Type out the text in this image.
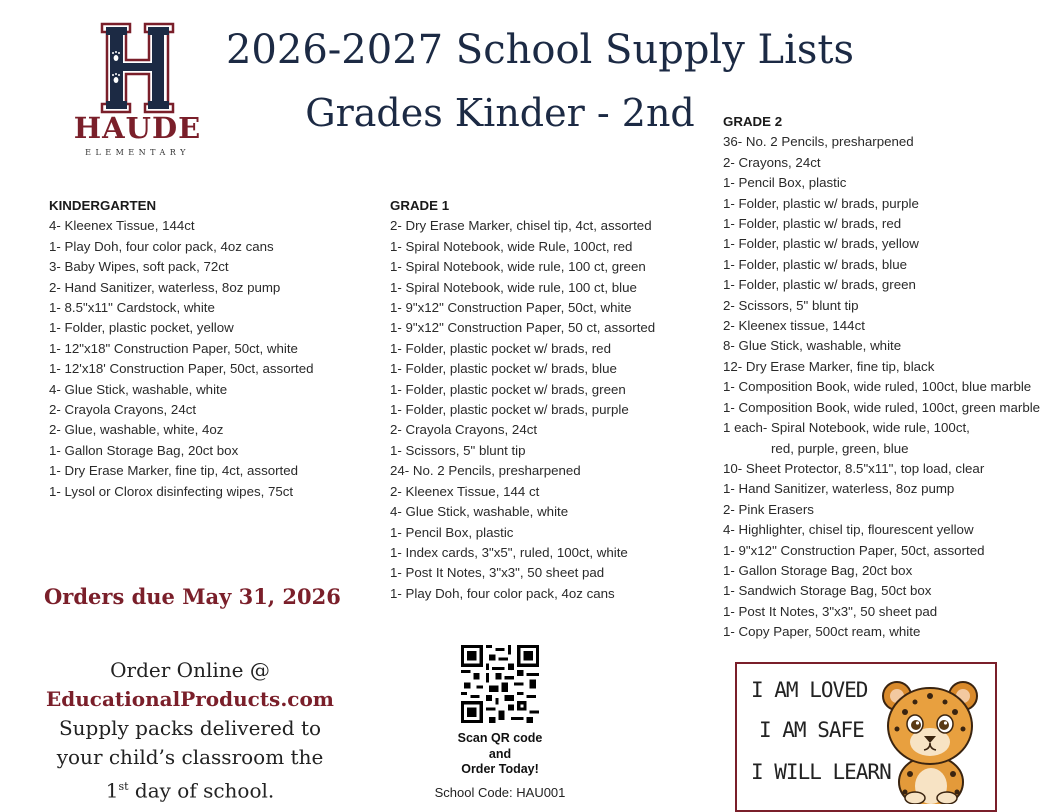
HAUDE
ELEMENTARY
2026-2027 School Supply Lists
Grades Kinder - 2nd
KINDERGARTEN
4- Kleenex Tissue, 144ct
1- Play Doh, four color pack, 4oz cans
3- Baby Wipes, soft pack, 72ct
2- Hand Sanitizer, waterless, 8oz pump
1- 8.5"x11" Cardstock, white
1- Folder, plastic pocket, yellow
1- 12"x18" Construction Paper, 50ct, white
1- 12'x18' Construction Paper, 50ct, assorted
4- Glue Stick, washable, white
2- Crayola Crayons, 24ct
2- Glue, washable, white, 4oz
1- Gallon Storage Bag, 20ct box
1- Dry Erase Marker, fine tip, 4ct, assorted
1- Lysol or Clorox disinfecting wipes, 75ct
GRADE 1
2- Dry Erase Marker, chisel tip, 4ct, assorted
1- Spiral Notebook, wide Rule, 100ct, red
1- Spiral Notebook, wide rule, 100 ct, green
1- Spiral Notebook, wide rule, 100 ct, blue
1- 9"x12" Construction Paper, 50ct, white
1- 9"x12" Construction Paper, 50 ct, assorted
1- Folder, plastic pocket w/ brads, red
1- Folder, plastic pocket w/ brads, blue
1- Folder, plastic pocket w/ brads, green
1- Folder, plastic pocket w/ brads, purple
2- Crayola Crayons, 24ct
1- Scissors, 5" blunt tip
24- No. 2 Pencils, presharpened
2- Kleenex Tissue, 144 ct
4- Glue Stick, washable, white
1- Pencil Box, plastic
1- Index cards, 3"x5", ruled, 100ct, white
1- Post It Notes, 3"x3", 50 sheet pad
1- Play Doh, four color pack, 4oz cans
GRADE 2
36- No. 2 Pencils, presharpened
2- Crayons, 24ct
1- Pencil Box, plastic
1- Folder, plastic w/ brads, purple
1- Folder, plastic w/ brads, red
1- Folder, plastic w/ brads, yellow
1- Folder, plastic w/ brads, blue
1- Folder, plastic w/ brads, green
2- Scissors, 5" blunt tip
2- Kleenex tissue, 144ct
8- Glue Stick, washable, white
12- Dry Erase Marker, fine tip, black
1- Composition Book, wide ruled, 100ct, blue marble
1- Composition Book, wide ruled, 100ct, green marble
1 each- Spiral Notebook, wide rule, 100ct,
red, purple, green, blue
10- Sheet Protector, 8.5"x11", top load, clear
1- Hand Sanitizer, waterless, 8oz pump
2- Pink Erasers
4- Highlighter, chisel tip, flourescent yellow
1- 9"x12" Construction Paper, 50ct, assorted
1- Gallon Storage Bag, 20ct box
1- Sandwich Storage Bag, 50ct box
1- Post It Notes, 3"x3", 50 sheet pad
1- Copy Paper, 500ct ream, white
Orders due May 31, 2026
Order Online @
EducationalProducts.com
Supply packs delivered to
your child’s classroom the
1st day of school.
Scan QR code
and
Order Today!
School Code: HAU001
I AM LOVED
I AM SAFE
I WILL LEARN
